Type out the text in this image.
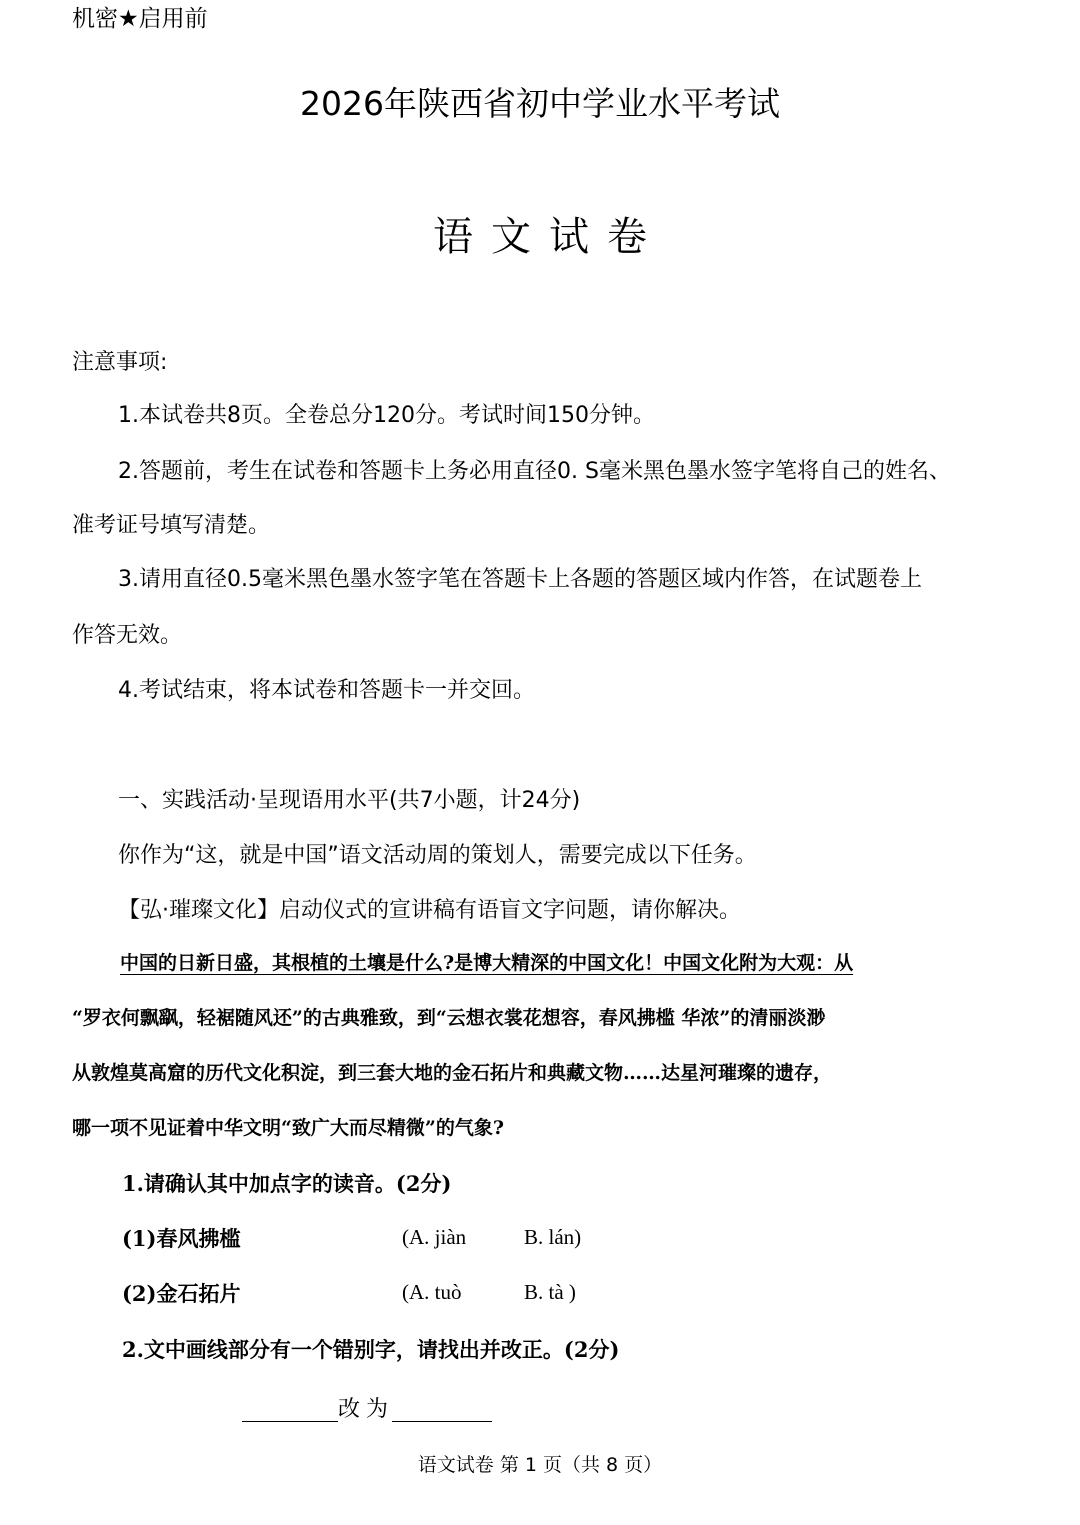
机密★启用前
2026年陕西省初中学业水平考试
语文试卷
注意事项:
1.本试卷共8页。全卷总分120分。考试时间150分钟。
2.答题前，考生在试卷和答题卡上务必用直径0. S毫米黑色墨水签字笔将自己的姓名、
准考证号填写清楚。
3.请用直径0.5毫米黑色墨水签字笔在答题卡上各题的答题区域内作答，在试题卷上
作答无效。
4.考试结束，将本试卷和答题卡一并交回。
一、实践活动·呈现语用水平(共7小题，计24分)
你作为“这，就是中国”语文活动周的策划人，需要完成以下任务。
【弘·璀璨文化】启动仪式的宣讲稿有语盲文字问题，请你解决。
中国的日新日盛，其根植的土壤是什么?是博大精深的中国文化！中国文化附为大观：从
“罗衣何飘飖，轻裾随风还”的古典雅致，到“云想衣裳花想容，春风拂槛 华浓”的清丽淡渺
从敦煌莫高窟的历代文化积淀，到三套大地的金石拓片和典藏文物……达星河璀璨的遗存，
哪一项不见证着中华文明“致广大而尽精微”的气象?
1.请确认其中加点字的读音。(2分)
(1)春风拂槛	(A. jiàn	B. lán)
(2)金石拓片	(A. tuò	B. tà )
2.文中画线部分有一个错别字，请找出并改正。(2分)
改为
语文试卷 第 1 页（共 8 页）
